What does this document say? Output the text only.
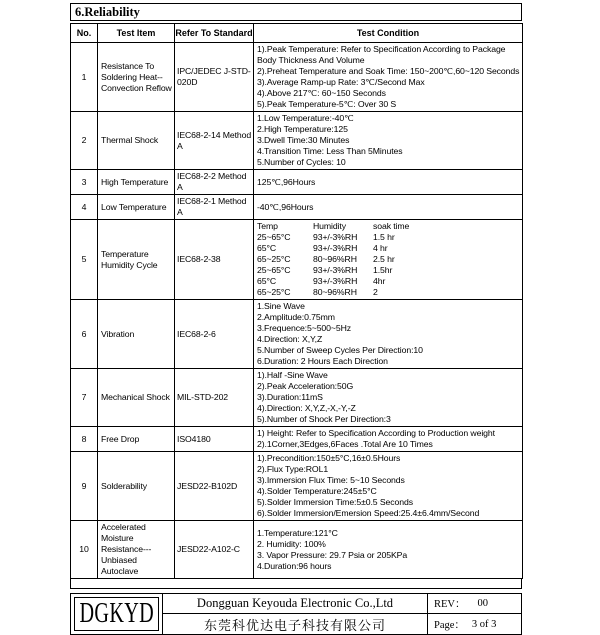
6.Reliability
No.	Test Item	Refer To Standard	Test Condition
1	Resistance To Soldering Heat--Convection Reflow	IPC/JEDEC J-STD-020D	1).Peak Temperature: Refer to Specification According to Package Body Thickness And Volume
2).Preheat Temperature and Soak Time: 150~200℃,60~120 Seconds
3).Average Ramp-up Rate: 3℃/Second Max
4).Above 217℃: 60~150 Seconds
5).Peak Temperature-5℃: Over 30 S

2	Thermal Shock	IEC68-2-14 Method A	1.Low Temperature:-40℃
2.High Temperature:125
3.Dwell Time:30 Minutes
4.Transition Time: Less Than 5Minutes
5.Number of Cycles: 10

3	High Temperature	IEC68-2-2 Method A	125℃,96Hours

4	Low Temperature	IEC68-2-1 Method A	-40℃,96Hours

5	Temperature Humidity Cycle	IEC68-2-38	
Temp	Humidity	soak time
25~65°C	93+/-3%RH	1.5 hr
65°C	93+/-3%RH	4 hr
65~25°C	80~96%RH	2.5 hr
25~65°C	93+/-3%RH	1.5hr
65°C	93+/-3%RH	4hr
65~25°C	80~96%RH	2

6	Vibration	IEC68-2-6	
1.Sine Wave
2.Amplitude:0.75mm
3.Frequence:5~500~5Hz
4.Direction: X,Y,Z
5.Number of Sweep Cycles Per Direction:10
6.Duration: 2 Hours Each Direction

7	Mechanical Shock	MIL-STD-202	1).Half -Sine Wave
2).Peak Acceleration:50G
3).Duration:11mS
4).Direction: X,Y,Z,-X,-Y,-Z
5).Number of Shock Per Direction:3

8	Free Drop	ISO4180	1) Height: Refer to Specification According to Production weight
2).1Corner,3Edges,6Faces .Total Are 10 Times

9	Solderability	JESD22-B102D	
1).Precondition:150±5°C,16±0.5Hours
2).Flux Type:ROL1
3).Immersion Flux Time: 5~10 Seconds
4).Solder Temperature:245±5°C
5).Solder Immersion Time:5±0.5 Seconds
6).Solder Immersion/Emersion Speed:25.4±6.4mm/Second

10	Accelerated Moisture Resistance---Unbiased Autoclave	JESD22-A102-C	1.Temperature:121°C
2. Humidity: 100%
3. Vapor Pressure: 29.7 Psia or 205KPa
4.Duration:96 hours
DGKYD	Dongguan Keyouda Electronic Co.,Ltd
东莞科优达电子科技有限公司
REV： 00
Page： 3 of 3
